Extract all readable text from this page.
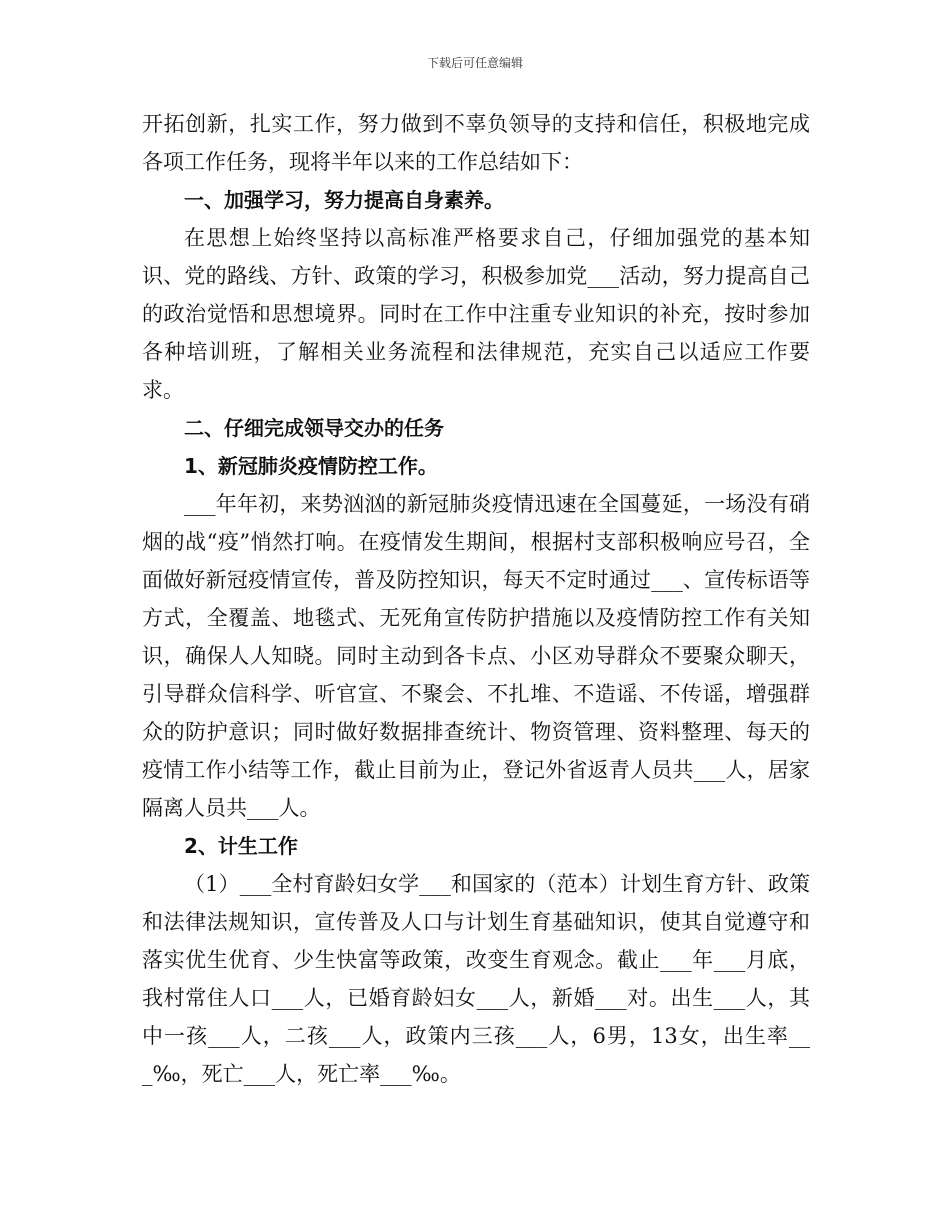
下载后可任意编辑

开拓创新，扎实工作，努力做到不辜负领导的支持和信任，积极地完成各项工作任务，现将半年以来的工作总结如下：

一、加强学习，努力提高自身素养。

在思想上始终坚持以高标准严格要求自己，仔细加强党的基本知识、党的路线、方针、政策的学习，积极参加党___活动，努力提高自己的政治觉悟和思想境界。同时在工作中注重专业知识的补充，按时参加各种培训班，了解相关业务流程和法律规范，充实自己以适应工作要求。

二、仔细完成领导交办的任务

1、新冠肺炎疫情防控工作。

___年年初，来势汹汹的新冠肺炎疫情迅速在全国蔓延，一场没有硝烟的战“疫”悄然打响。在疫情发生期间，根据村支部积极响应号召，全面做好新冠疫情宣传，普及防控知识，每天不定时通过___、宣传标语等方式，全覆盖、地毯式、无死角宣传防护措施以及疫情防控工作有关知识，确保人人知晓。同时主动到各卡点、小区劝导群众不要聚众聊天，引导群众信科学、听官宣、不聚会、不扎堆、不造谣、不传谣，增强群众的防护意识；同时做好数据排查统计、物资管理、资料整理、每天的疫情工作小结等工作，截止目前为止，登记外省返青人员共___人，居家隔离人员共___人。

2、计生工作

（1）___全村育龄妇女学___和国家的（范本）计划生育方针、政策和法律法规知识，宣传普及人口与计划生育基础知识，使其自觉遵守和落实优生优育、少生快富等政策，改变生育观念。截止___年___月底，我村常住人口___人，已婚育龄妇女___人，新婚___对。出生___人，其中一孩___人，二孩___人，政策内三孩___人，6男，13女，出生率___‰，死亡___人，死亡率___‰。
